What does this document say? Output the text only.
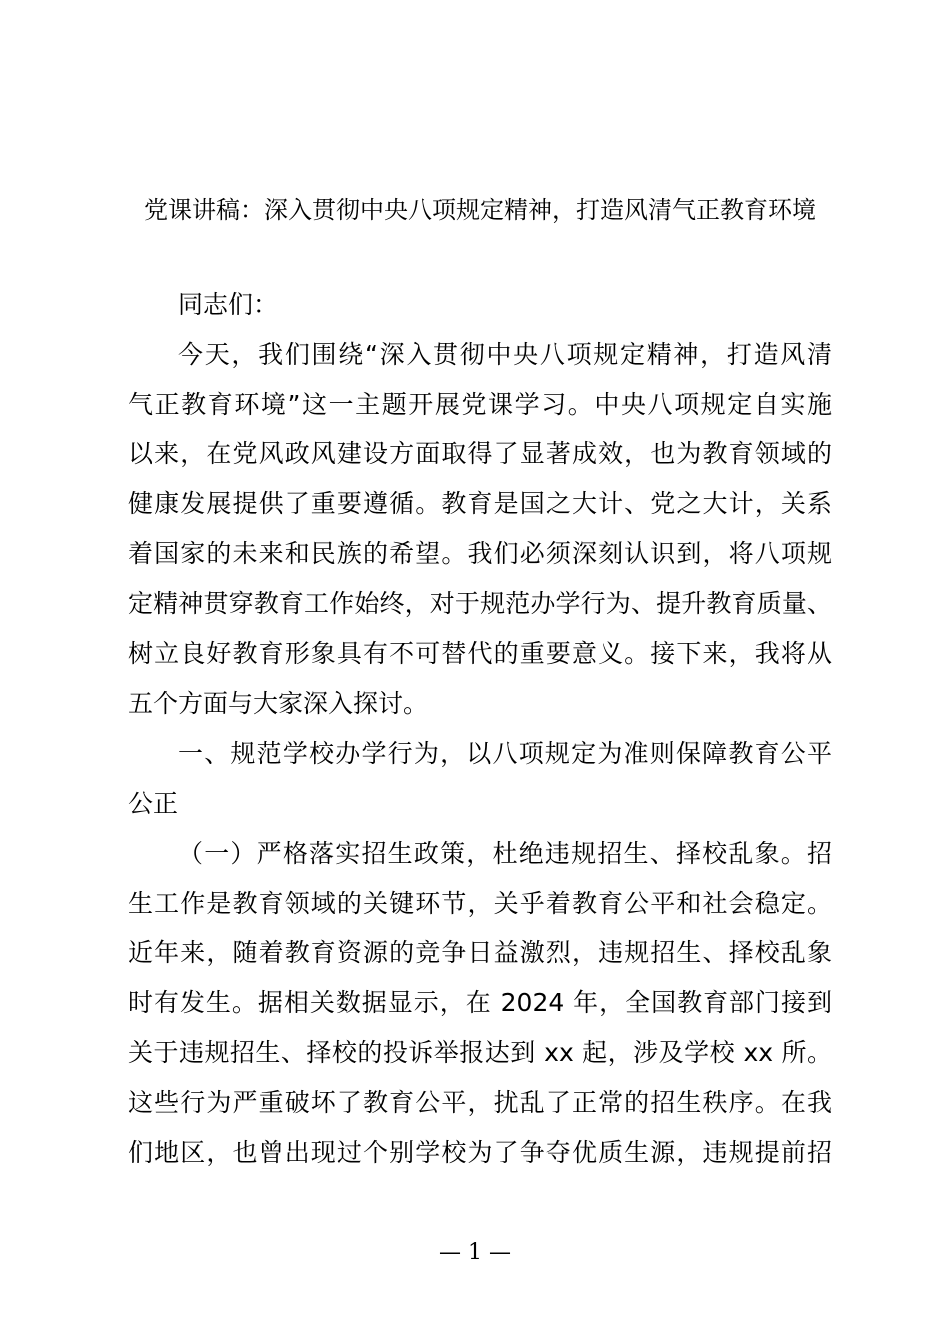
党课讲稿：深入贯彻中央八项规定精神，打造风清气正教育环境
同志们：
今天，我们围绕“深入贯彻中央八项规定精神，打造风清
气正教育环境”这一主题开展党课学习。中央八项规定自实施
以来，在党风政风建设方面取得了显著成效，也为教育领域的
健康发展提供了重要遵循。教育是国之大计、党之大计，关系
着国家的未来和民族的希望。我们必须深刻认识到，将八项规
定精神贯穿教育工作始终，对于规范办学行为、提升教育质量、
树立良好教育形象具有不可替代的重要意义。接下来，我将从
五个方面与大家深入探讨。
一、规范学校办学行为，以八项规定为准则保障教育公平
公正
（一）严格落实招生政策，杜绝违规招生、择校乱象。招
生工作是教育领域的关键环节，关乎着教育公平和社会稳定。
近年来，随着教育资源的竞争日益激烈，违规招生、择校乱象
时有发生。据相关数据显示，在 2024 年，全国教育部门接到
关于违规招生、择校的投诉举报达到 xx 起，涉及学校 xx 所。
这些行为严重破坏了教育公平，扰乱了正常的招生秩序。在我
们地区，也曾出现过个别学校为了争夺优质生源，违规提前招
— 1 —
